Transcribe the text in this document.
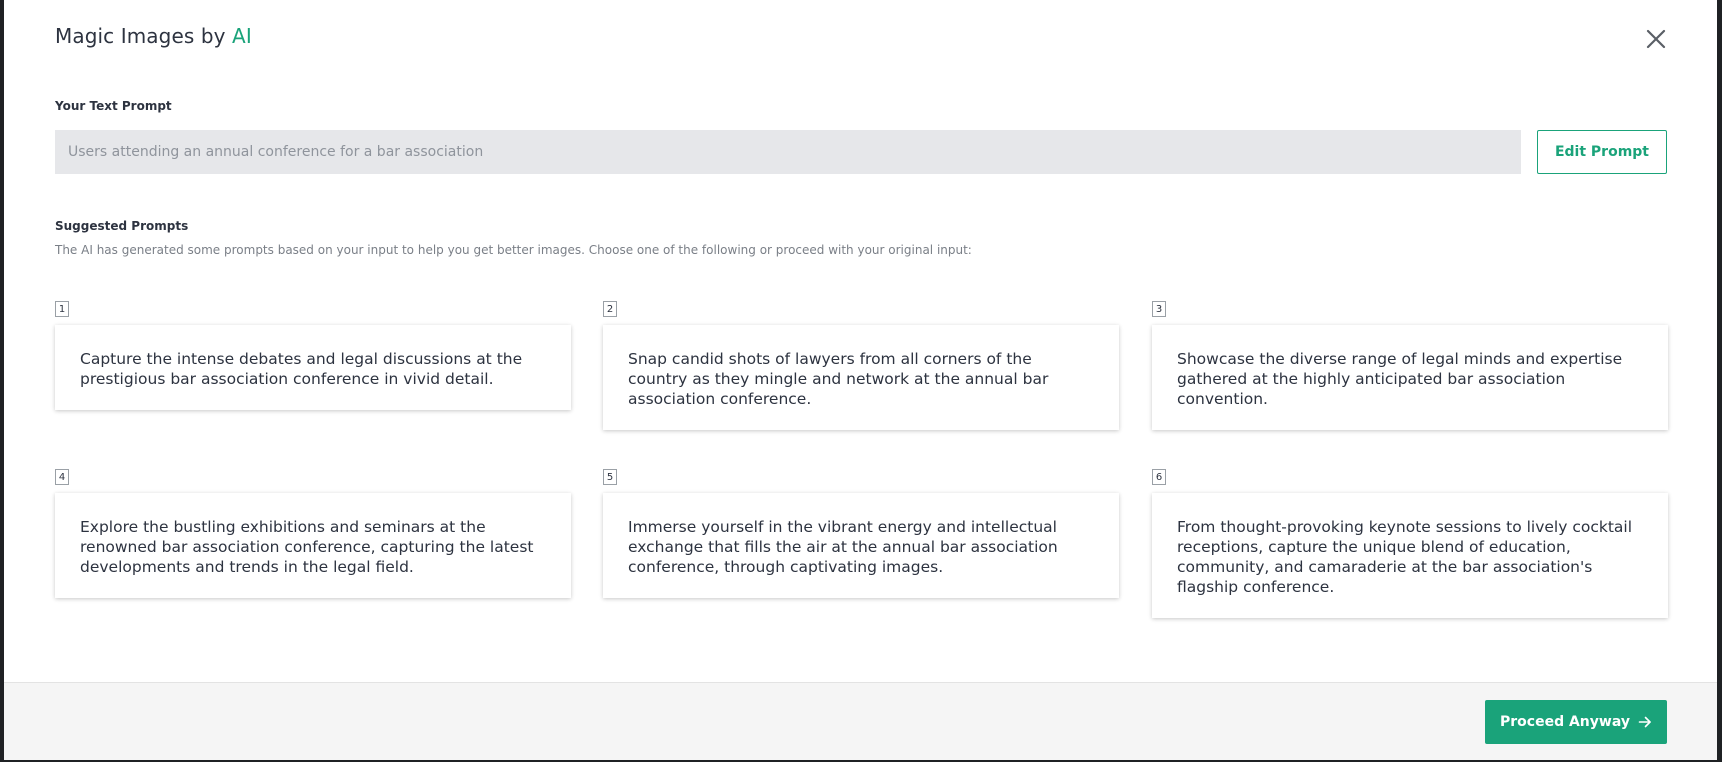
Magic Images by AI
Your Text Prompt
Users attending an annual conference for a bar association
Edit Prompt
Suggested Prompts
The AI has generated some prompts based on your input to help you get better images. Choose one of the following or proceed with your original input:
1
Capture the intense debates and legal discussions at the prestigious bar association conference in vivid detail.
2
Snap candid shots of lawyers from all corners of the country as they mingle and network at the annual bar association conference.
3
Showcase the diverse range of legal minds and expertise gathered at the highly anticipated bar association convention.
4
Explore the bustling exhibitions and seminars at the renowned bar association conference, capturing the latest developments and trends in the legal field.
5
Immerse yourself in the vibrant energy and intellectual exchange that fills the air at the annual bar association conference, through captivating images.
6
From thought-provoking keynote sessions to lively cocktail receptions, capture the unique blend of education, community, and camaraderie at the bar association's flagship conference.
Proceed Anyway
